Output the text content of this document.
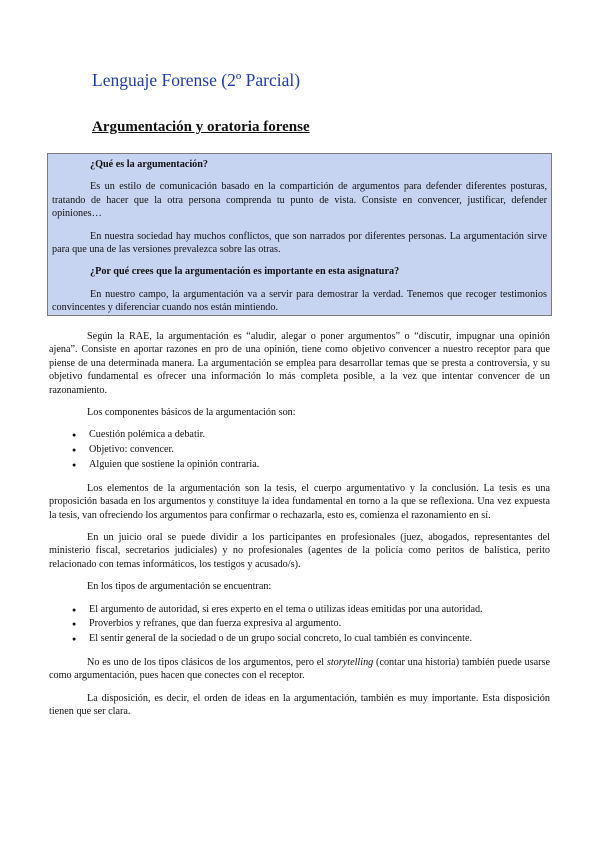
Lenguaje Forense (2º Parcial)
Argumentación y oratoria forense

¿Qué es la argumentación?

Es un estilo de comunicación basado en la compartición de argumentos para defender diferentes posturas, tratando de hacer que la otra persona comprenda tu punto de vista. Consiste en convencer, justificar, defender opiniones…

En nuestra sociedad hay muchos conflictos, que son narrados por diferentes personas. La argumentación sirve para que una de las versiones prevalezca sobre las otras.

¿Por qué crees que la argumentación es importante en esta asignatura?

En nuestro campo, la argumentación va a servir para demostrar la verdad. Tenemos que recoger testimonios convincentes y diferenciar cuando nos están mintiendo.

Según la RAE, la argumentación es “aludir, alegar o poner argumentos” o “discutir, impugnar una opinión ajena”. Consiste en aportar razones en pro de una opinión, tiene como objetivo convencer a nuestro receptor para que piense de una determinada manera. La argumentación se emplea para desarrollar temas que se presta a controversia, y su objetivo fundamental es ofrecer una información lo más completa posible, a la vez que intentar convencer de un razonamiento.

Los componentes básicos de la argumentación son:

● Cuestión polémica a debatir.
● Objetivo: convencer.
● Alguien que sostiene la opinión contraria.

Los elementos de la argumentación son la tesis, el cuerpo argumentativo y la conclusión. La tesis es una proposición basada en los argumentos y constituye la idea fundamental en torno a la que se reflexiona. Una vez expuesta la tesis, van ofreciendo los argumentos para confirmar o rechazarla, esto es, comienza el razonamiento en sí.

En un juicio oral se puede dividir a los participantes en profesionales (juez, abogados, representantes del ministerio fiscal, secretarios judiciales) y no profesionales (agentes de la policía como peritos de balística, perito relacionado con temas informáticos, los testigos y acusado/s).

En los tipos de argumentación se encuentran:

● El argumento de autoridad, si eres experto en el tema o utilizas ideas emitidas por una autoridad.
● Proverbios y refranes, que dan fuerza expresiva al argumento.
● El sentir general de la sociedad o de un grupo social concreto, lo cual también es convincente.

No es uno de los tipos clásicos de los argumentos, pero el storytelling (contar una historia) también puede usarse como argumentación, pues hacen que conectes con el receptor.

La disposición, es decir, el orden de ideas en la argumentación, también es muy importante. Esta disposición tienen que ser clara.
